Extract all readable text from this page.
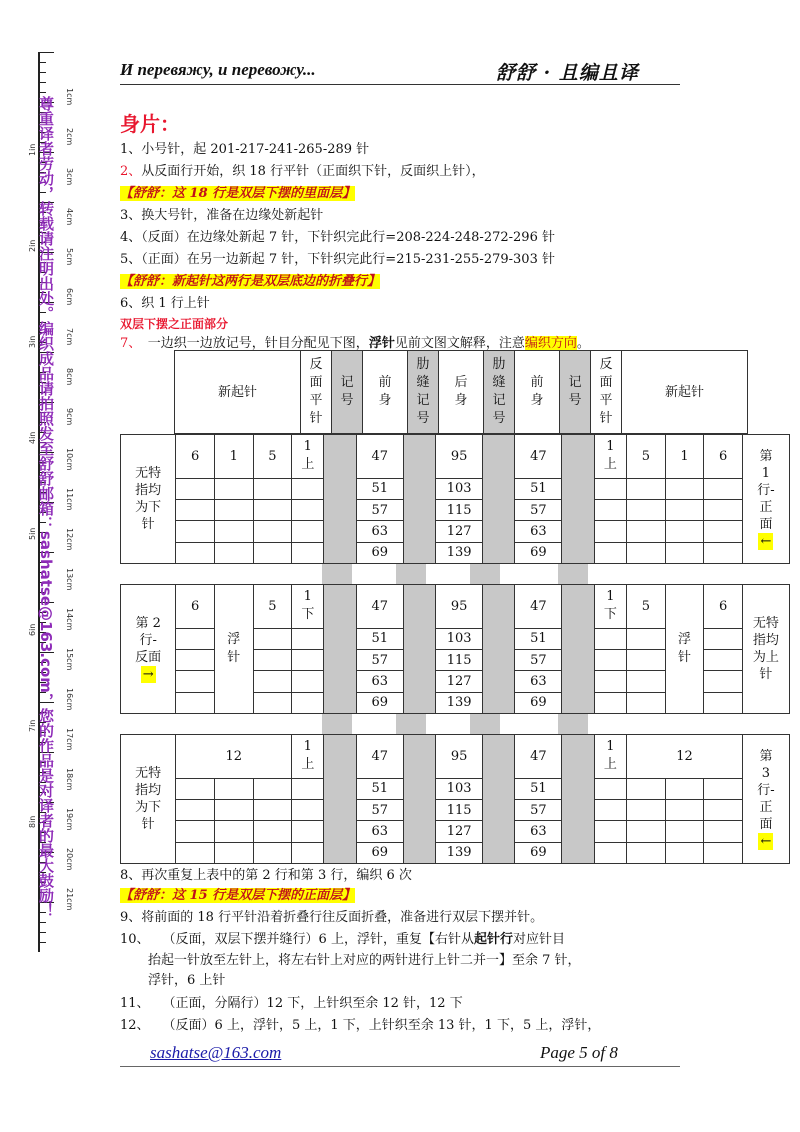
1in
2in
3in
4in
5in
6in
7in
8in
1cm
2cm
3cm
4cm
5cm
6cm
7cm
8cm
9cm
10cm
11cm
12cm
13cm
14cm
15cm
16cm
17cm
18cm
19cm
20cm
21cm
尊重译者劳动，转载请注明出处。编织成品请拍照发至舒舒邮箱：sashatse@163.com，您的作品是对译者的最大鼓励！
И перевяжу, и перевожу...	舒舒 · 且编且译
身片：
1、小号针，起 201-217-241-265-289 针
2、从反面行开始，织 18 行平针（正面织下针，反面织上针），
【舒舒：这 18 行是双层下摆的里面层】
3、换大号针，准备在边缘处新起针
4、（反面）在边缘处新起 7 针，下针织完此行=208-224-248-272-296 针
5、（正面）在另一边新起 7 针，下针织完此行=215-231-255-279-303 针
【舒舒：新起针这两行是双层底边的折叠行】
6、织 1 行上针
双层下摆之正面部分
7、　 一边织一边放记号，针目分配见下图，浮针见前文图文解释，注意编织方向。
新起针	反面平针	记号	前身	肋缝记号	后身	肋缝记号	前身	记号	反面平针	新起针
无特指均为下针	6	1	5	1上		47		95		47		1上	5	1	6	第 1 行-正面
←
						51		103		51						
						57		115		57						
						63		127		63						
						69		139		69						
第 2 行-反面
→	6	浮针	5	1下		47		95		47		1下	5	浮针	6	无特指均为上针
						51		103		51						
						57		115		57						
						63		127		63						
						69		139		69						
无特指均为下针	12			1上		47		95		47		1上	12			第 3 行-正面
←
						51		103		51						
						57		115		57						
						63		127		63						
						69		139		69						
8、再次重复上表中的第 2 行和第 3 行，编织 6 次
【舒舒：这 15 行是双层下摆的正面层】
9、将前面的 18 行平针沿着折叠行往反面折叠，准备进行双层下摆并针。
10、　　（反面，双层下摆并缝行）6 上，浮针，重复【右针从起针行对应针目
抬起一针放至左针上，将左右针上对应的两针进行上针二并一】至余 7 针，
浮针，6 上针
11、　　（正面，分隔行）12 下，上针织至余 12 针，12 下
12、　　（反面）6 上，浮针，5 上，1 下，上针织至余 13 针，1 下，5 上，浮针，
sashatse@163.com	Page 5 of 8
